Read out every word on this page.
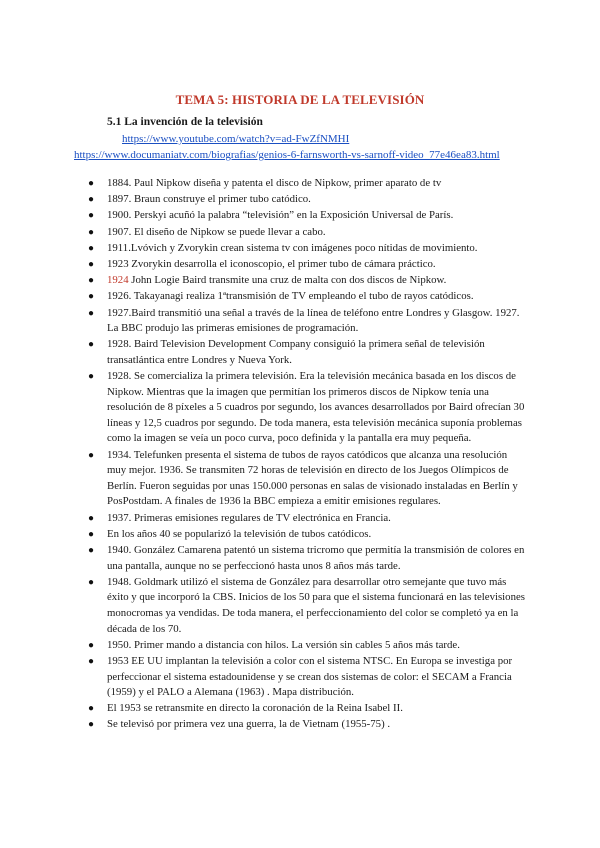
TEMA 5: HISTORIA DE LA TELEVISIÓN
5.1 La invención de la televisión
https://www.youtube.com/watch?v=ad-FwZfNMHI
https://www.documaniatv.com/biografias/genios-6-farnsworth-vs-sarnoff-video_77e46ea83.html
● 1884. Paul Nipkow diseña y patenta el disco de Nipkow, primer aparato de tv
● 1897. Braun construye el primer tubo catódico.
● 1900. Perskyi acuñó la palabra “televisión” en la Exposición Universal de París.
● 1907. El diseño de Nipkow se puede llevar a cabo.
● 1911.Lvóvich y Zvorykin crean sistema tv con imágenes poco nítidas de movimiento.
● 1923 Zvorykin desarrolla el iconoscopio, el primer tubo de cámara práctico.
● 1924 John Logie Baird transmite una cruz de malta con dos discos de Nipkow.
● 1926. Takayanagi realiza 1ªtransmisión de TV empleando el tubo de rayos catódicos.
● 1927.Baird transmitió una señal a través de la línea de teléfono entre Londres y Glasgow. 1927. La BBC produjo las primeras emisiones de programación.
● 1928. Baird Television Development Company consiguió la primera señal de televisión transatlántica entre Londres y Nueva York.
● 1928. Se comercializa la primera televisión. Era la televisión mecánica basada en los discos de Nipkow. Mientras que la imagen que permitían los primeros discos de Nipkow tenía una resolución de 8 píxeles a 5 cuadros por segundo, los avances desarrollados por Baird ofrecían 30 líneas y 12,5 cuadros por segundo. De toda manera, esta televisión mecánica suponía problemas como la imagen se veía un poco curva, poco definida y la pantalla era muy pequeña.
● 1934. Telefunken presenta el sistema de tubos de rayos catódicos que alcanza una resolución muy mejor. 1936. Se transmiten 72 horas de televisión en directo de los Juegos Olímpicos de Berlín. Fueron seguidas por unas 150.000 personas en salas de visionado instaladas en Berlín y PosPostdam. A finales de 1936 la BBC empieza a emitir emisiones regulares.
● 1937. Primeras emisiones regulares de TV electrónica en Francia.
● En los años 40 se popularizó la televisión de tubos catódicos.
● 1940. González Camarena patentó un sistema tricromo que permitía la transmisión de colores en una pantalla, aunque no se perfeccionó hasta unos 8 años más tarde.
● 1948. Goldmark utilizó el sistema de González para desarrollar otro semejante que tuvo más éxito y que incorporó la CBS. Inicios de los 50 para que el sistema funcionará en las televisiones monocromas ya vendidas. De toda manera, el perfeccionamiento del color se completó ya en la década de los 70.
● 1950. Primer mando a distancia con hilos. La versión sin cables 5 años más tarde.
● 1953 EE UU implantan la televisión a color con el sistema NTSC. En Europa se investiga por perfeccionar el sistema estadounidense y se crean dos sistemas de color: el SECAM a Francia (1959) y el PALO a Alemana (1963) . Mapa distribución.
● El 1953 se retransmite en directo la coronación de la Reina Isabel II.
● Se televisó por primera vez una guerra, la de Vietnam (1955-75) .
